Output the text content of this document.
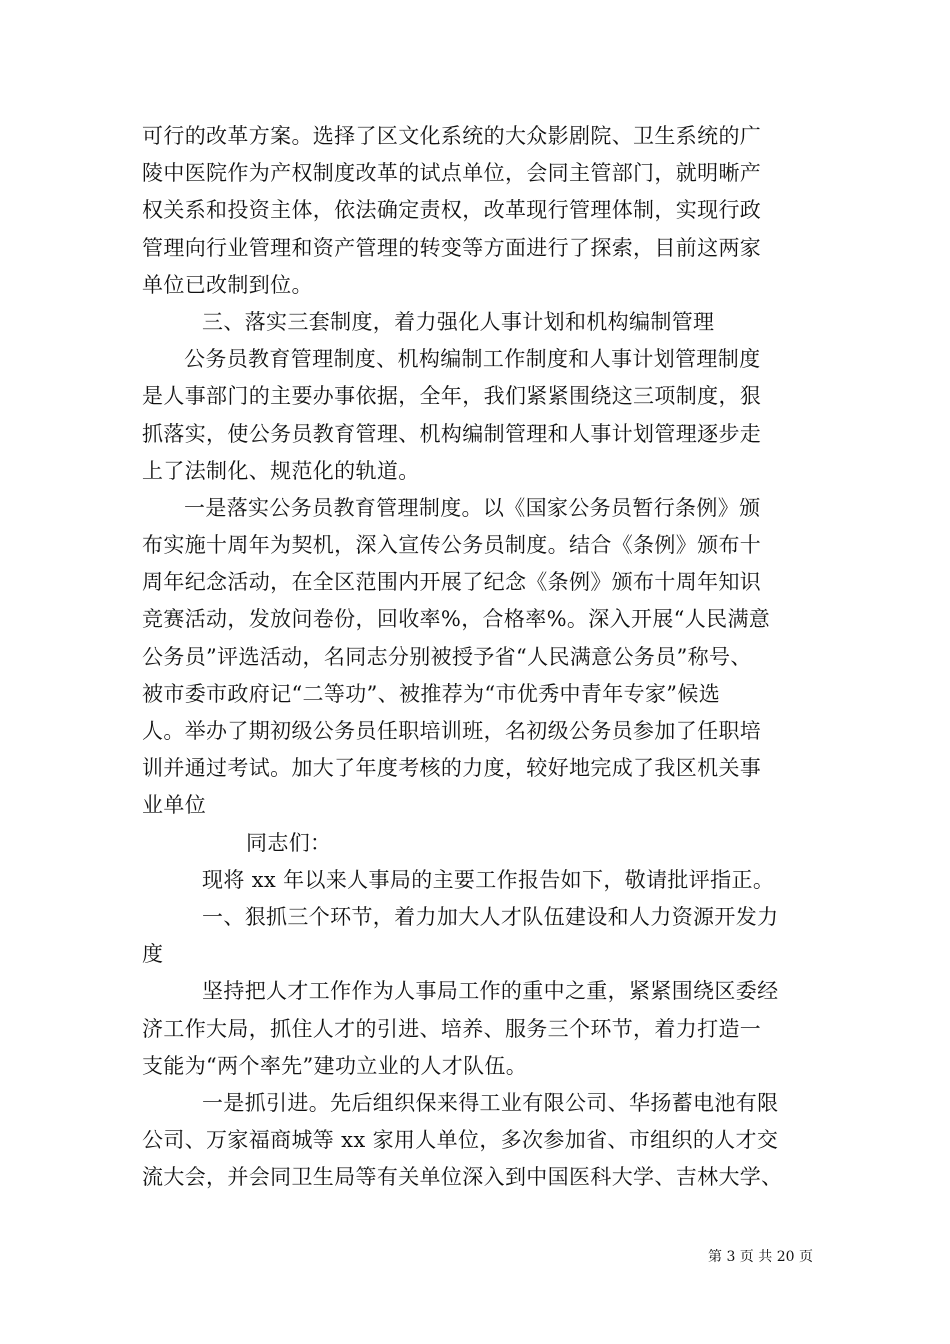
可行的改革方案。选择了区文化系统的大众影剧院、卫生系统的广
陵中医院作为产权制度改革的试点单位，会同主管部门，就明晰产
权关系和投资主体，依法确定责权，改革现行管理体制，实现行政
管理向行业管理和资产管理的转变等方面进行了探索，目前这两家
单位已改制到位。
三、落实三套制度，着力强化人事计划和机构编制管理
公务员教育管理制度、机构编制工作制度和人事计划管理制度
是人事部门的主要办事依据，全年，我们紧紧围绕这三项制度，狠
抓落实，使公务员教育管理、机构编制管理和人事计划管理逐步走
上了法制化、规范化的轨道。
一是落实公务员教育管理制度。以《国家公务员暂行条例》颁
布实施十周年为契机，深入宣传公务员制度。结合《条例》颁布十
周年纪念活动，在全区范围内开展了纪念《条例》颁布十周年知识
竞赛活动，发放问卷份，回收率%，合格率%。深入开展“人民满意
公务员”评选活动，名同志分别被授予省“人民满意公务员”称号、
被市委市政府记“二等功”、被推荐为“市优秀中青年专家”候选
人。举办了期初级公务员任职培训班，名初级公务员参加了任职培
训并通过考试。加大了年度考核的力度，较好地完成了我区机关事
业单位
同志们：
现将 xx 年以来人事局的主要工作报告如下，敬请批评指正。
一、狠抓三个环节，着力加大人才队伍建设和人力资源开发力
度
坚持把人才工作作为人事局工作的重中之重，紧紧围绕区委经
济工作大局，抓住人才的引进、培养、服务三个环节，着力打造一
支能为“两个率先”建功立业的人才队伍。
一是抓引进。先后组织保来得工业有限公司、华扬蓄电池有限
公司、万家福商城等 xx 家用人单位，多次参加省、市组织的人才交
流大会，并会同卫生局等有关单位深入到中国医科大学、吉林大学、
第 3 页 共 20 页
